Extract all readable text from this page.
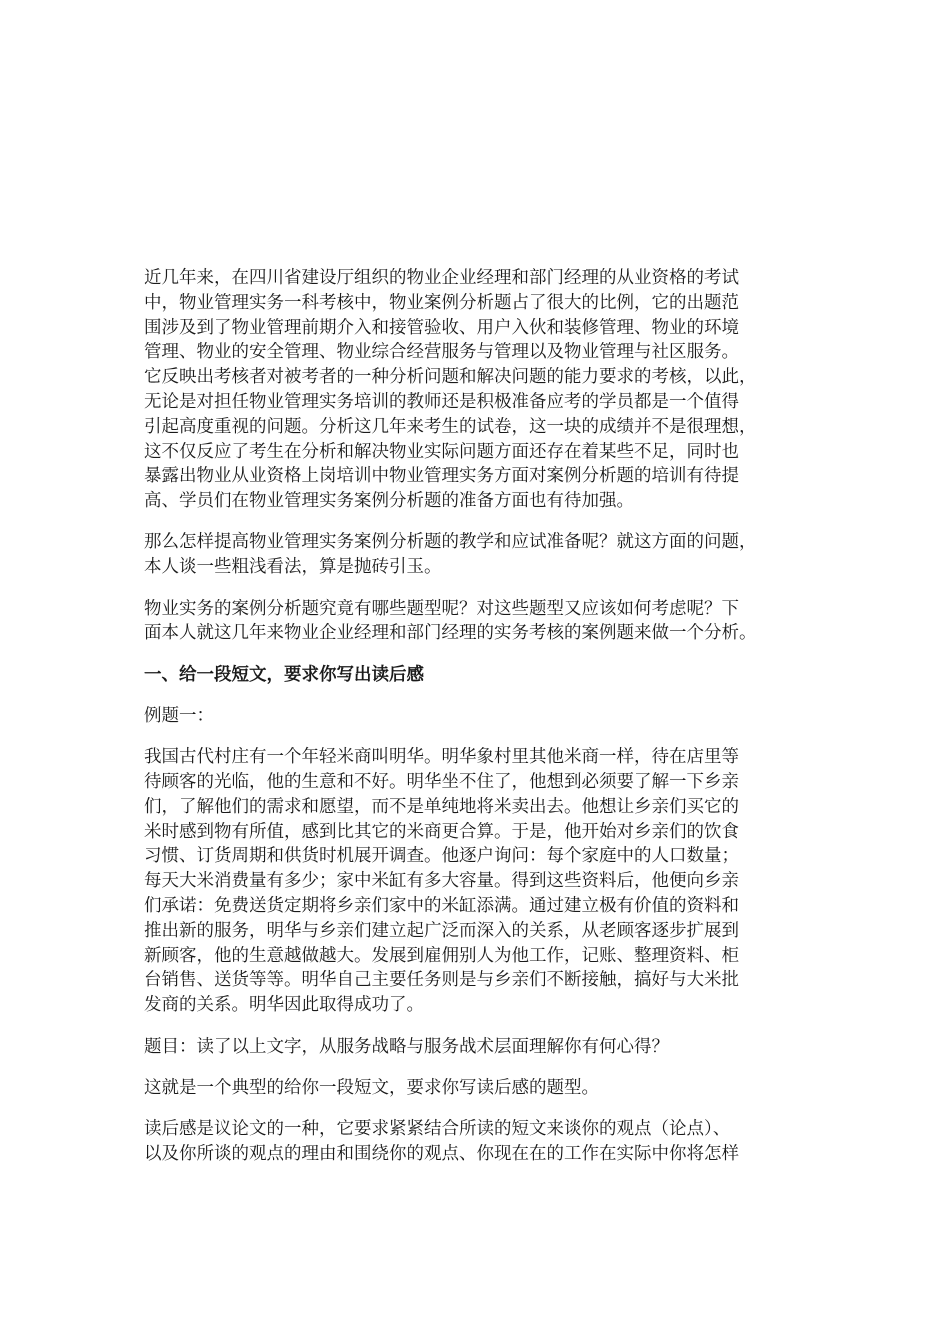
近几年来，在四川省建设厅组织的物业企业经理和部门经理的从业资格的考试
中，物业管理实务一科考核中，物业案例分析题占了很大的比例，它的出题范
围涉及到了物业管理前期介入和接管验收、用户入伙和装修管理、物业的环境
管理、物业的安全管理、物业综合经营服务与管理以及物业管理与社区服务。
它反映出考核者对被考者的一种分析问题和解决问题的能力要求的考核，以此，
无论是对担任物业管理实务培训的教师还是积极准备应考的学员都是一个值得
引起高度重视的问题。分析这几年来考生的试卷，这一块的成绩并不是很理想，
这不仅反应了考生在分析和解决物业实际问题方面还存在着某些不足，同时也
暴露出物业从业资格上岗培训中物业管理实务方面对案例分析题的培训有待提
高、学员们在物业管理实务案例分析题的准备方面也有待加强。

那么怎样提高物业管理实务案例分析题的教学和应试准备呢？就这方面的问题，
本人谈一些粗浅看法，算是抛砖引玉。

物业实务的案例分析题究竟有哪些题型呢？对这些题型又应该如何考虑呢？下
面本人就这几年来物业企业经理和部门经理的实务考核的案例题来做一个分析。

一、给一段短文，要求你写出读后感

例题一：

我国古代村庄有一个年轻米商叫明华。明华象村里其他米商一样，待在店里等
待顾客的光临，他的生意和不好。明华坐不住了，他想到必须要了解一下乡亲
们，了解他们的需求和愿望，而不是单纯地将米卖出去。他想让乡亲们买它的
米时感到物有所值，感到比其它的米商更合算。于是，他开始对乡亲们的饮食
习惯、订货周期和供货时机展开调查。他逐户询问：每个家庭中的人口数量；
每天大米消费量有多少；家中米缸有多大容量。得到这些资料后，他便向乡亲
们承诺：免费送货定期将乡亲们家中的米缸添满。通过建立极有价值的资料和
推出新的服务，明华与乡亲们建立起广泛而深入的关系，从老顾客逐步扩展到
新顾客，他的生意越做越大。发展到雇佣别人为他工作，记账、整理资料、柜
台销售、送货等等。明华自己主要任务则是与乡亲们不断接触，搞好与大米批
发商的关系。明华因此取得成功了。

题目：读了以上文字，从服务战略与服务战术层面理解你有何心得？

这就是一个典型的给你一段短文，要求你写读后感的题型。

读后感是议论文的一种，它要求紧紧结合所读的短文来谈你的观点（论点）、
以及你所谈的观点的理由和围绕你的观点、你现在在的工作在实际中你将怎样
